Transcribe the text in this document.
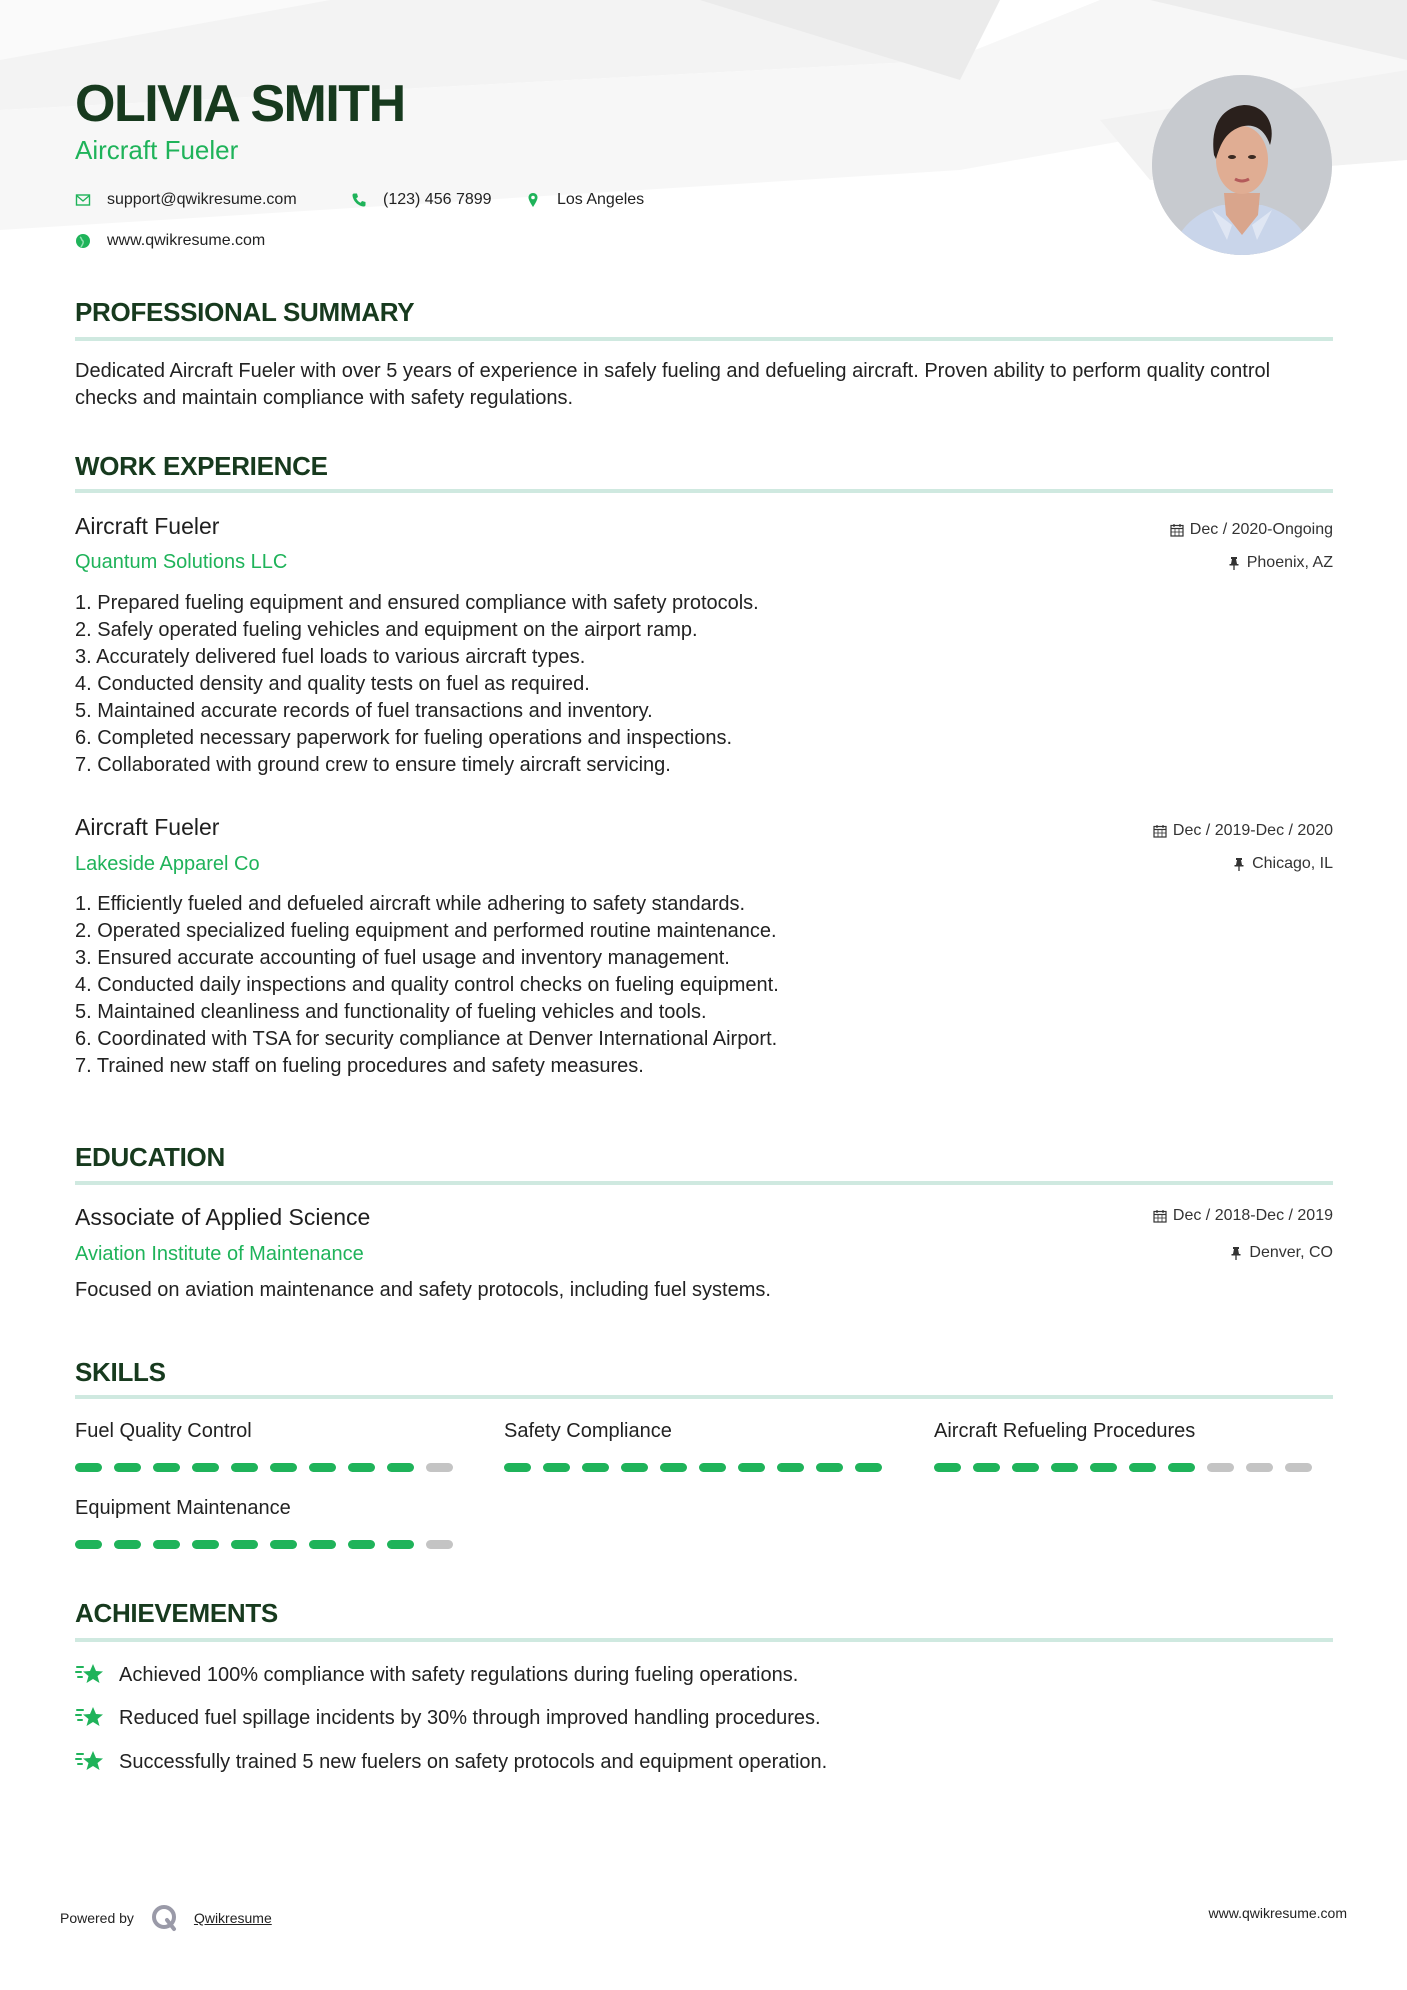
OLIVIA SMITH
Aircraft Fueler
support@qwikresume.com	(123) 456 7899	Los Angeles
www.qwikresume.com
PROFESSIONAL SUMMARY
Dedicated Aircraft Fueler with over 5 years of experience in safely fueling and defueling aircraft. Proven ability to perform quality control checks and maintain compliance with safety regulations.
WORK EXPERIENCE
Aircraft Fueler
Quantum Solutions LLC
Dec / 2020-Ongoing
Phoenix, AZ
1. Prepared fueling equipment and ensured compliance with safety protocols.
2. Safely operated fueling vehicles and equipment on the airport ramp.
3. Accurately delivered fuel loads to various aircraft types.
4. Conducted density and quality tests on fuel as required.
5. Maintained accurate records of fuel transactions and inventory.
6. Completed necessary paperwork for fueling operations and inspections.
7. Collaborated with ground crew to ensure timely aircraft servicing.
Aircraft Fueler
Lakeside Apparel Co
Dec / 2019-Dec / 2020
Chicago, IL
1. Efficiently fueled and defueled aircraft while adhering to safety standards.
2. Operated specialized fueling equipment and performed routine maintenance.
3. Ensured accurate accounting of fuel usage and inventory management.
4. Conducted daily inspections and quality control checks on fueling equipment.
5. Maintained cleanliness and functionality of fueling vehicles and tools.
6. Coordinated with TSA for security compliance at Denver International Airport.
7. Trained new staff on fueling procedures and safety measures.
EDUCATION
Associate of Applied Science
Aviation Institute of Maintenance
Dec / 2018-Dec / 2019
Denver, CO
Focused on aviation maintenance and safety protocols, including fuel systems.
SKILLS
Fuel Quality Control	Safety Compliance	Aircraft Refueling Procedures
Equipment Maintenance
ACHIEVEMENTS
Achieved 100% compliance with safety regulations during fueling operations.
Reduced fuel spillage incidents by 30% through improved handling procedures.
Successfully trained 5 new fuelers on safety protocols and equipment operation.
Powered by	Qwikresume	www.qwikresume.com
